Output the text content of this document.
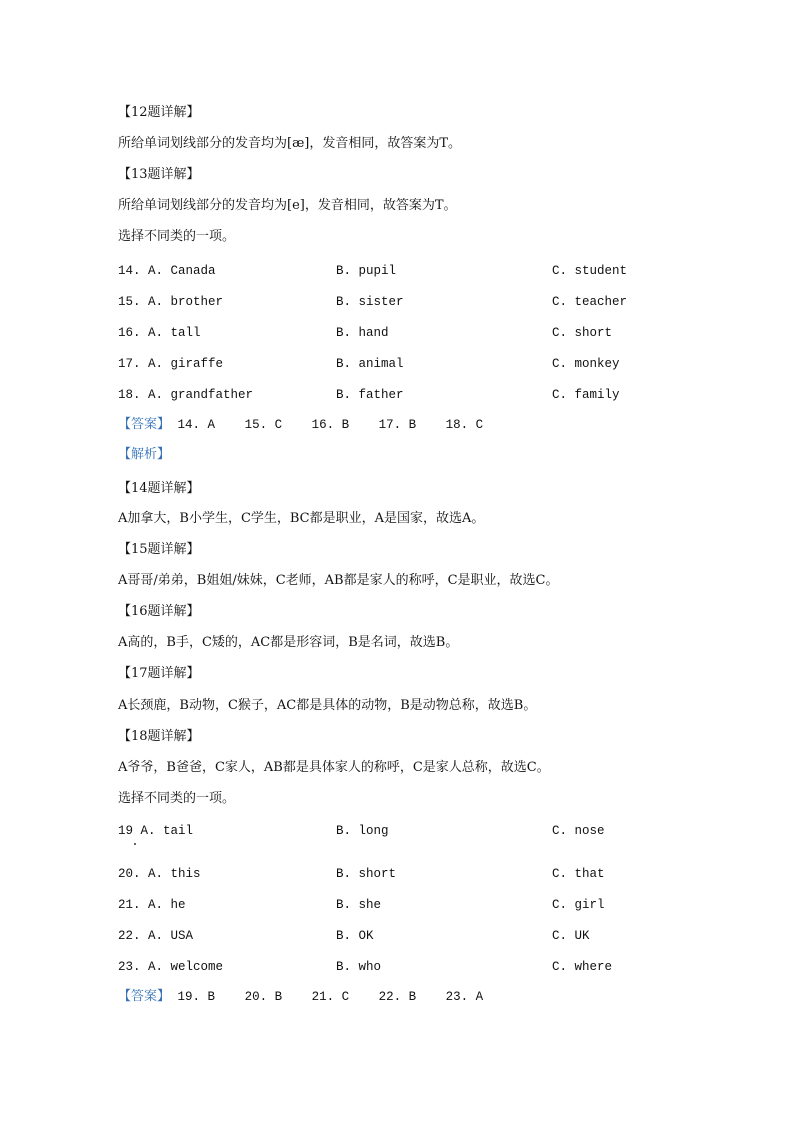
【12题详解】
所给单词划线部分的发音均为[æ]，发音相同，故答案为T。
【13题详解】
所给单词划线部分的发音均为[e]，发音相同，故答案为T。
选择不同类的一项。
14. A. Canada	B. pupil	C. student
15. A. brother	B. sister	C. teacher
16. A. tall	B. hand	C. short
17. A. giraffe	B. animal	C. monkey
18. A. grandfather	B. father	C. family
【答案】 14. A 15. C 16. B 17. B 18. C
【解析】
【14题详解】
A加拿大，B小学生，C学生，BC都是职业，A是国家，故选A。
【15题详解】
A哥哥/弟弟，B姐姐/妹妹，C老师，AB都是家人的称呼，C是职业，故选C。
【16题详解】
A高的，B手，C矮的，AC都是形容词，B是名词，故选B。
【17题详解】
A长颈鹿，B动物，C猴子，AC都是具体的动物，B是动物总称，故选B。
【18题详解】
A爷爷，B爸爸，C家人，AB都是具体家人的称呼，C是家人总称，故选C。
选择不同类的一项。
19 A. tail	B. long	C. nose
20. A. this	B. short	C. that
21. A. he	B. she	C. girl
22. A. USA	B. OK	C. UK
23. A. welcome	B. who	C. where
【答案】 19. B 20. B 21. C 22. B 23. A
